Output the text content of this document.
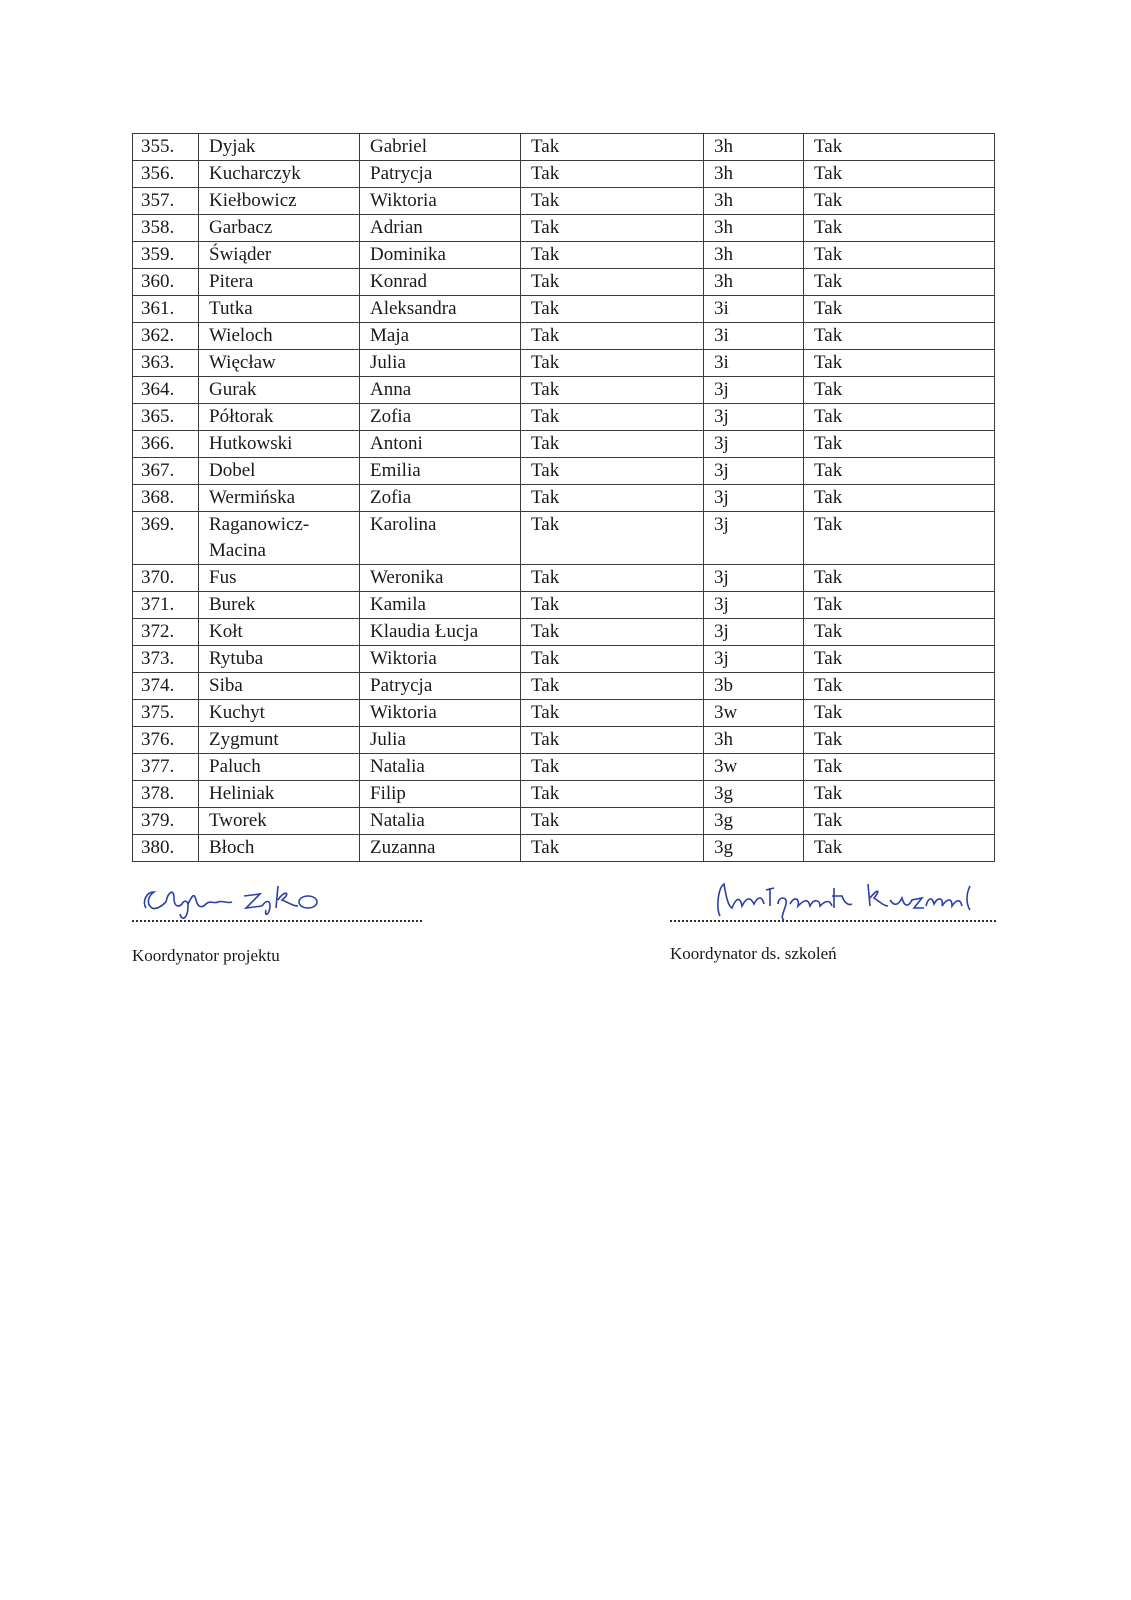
355.	Dyjak	Gabriel	Tak	3h	Tak
356.	Kucharczyk	Patrycja	Tak	3h	Tak
357.	Kiełbowicz	Wiktoria	Tak	3h	Tak
358.	Garbacz	Adrian	Tak	3h	Tak
359.	Świąder	Dominika	Tak	3h	Tak
360.	Pitera	Konrad	Tak	3h	Tak
361.	Tutka	Aleksandra	Tak	3i	Tak
362.	Wieloch	Maja	Tak	3i	Tak
363.	Więcław	Julia	Tak	3i	Tak
364.	Gurak	Anna	Tak	3j	Tak
365.	Półtorak	Zofia	Tak	3j	Tak
366.	Hutkowski	Antoni	Tak	3j	Tak
367.	Dobel	Emilia	Tak	3j	Tak
368.	Wermińska	Zofia	Tak	3j	Tak
369.	Raganowicz-Macina	Karolina	Tak	3j	Tak
370.	Fus	Weronika	Tak	3j	Tak
371.	Burek	Kamila	Tak	3j	Tak
372.	Kołt	Klaudia Łucja	Tak	3j	Tak
373.	Rytuba	Wiktoria	Tak	3j	Tak
374.	Siba	Patrycja	Tak	3b	Tak
375.	Kuchyt	Wiktoria	Tak	3w	Tak
376.	Zygmunt	Julia	Tak	3h	Tak
377.	Paluch	Natalia	Tak	3w	Tak
378.	Heliniak	Filip	Tak	3g	Tak
379.	Tworek	Natalia	Tak	3g	Tak
380.	Błoch	Zuzanna	Tak	3g	Tak
Koordynator projektu	Koordynator ds. szkoleń
